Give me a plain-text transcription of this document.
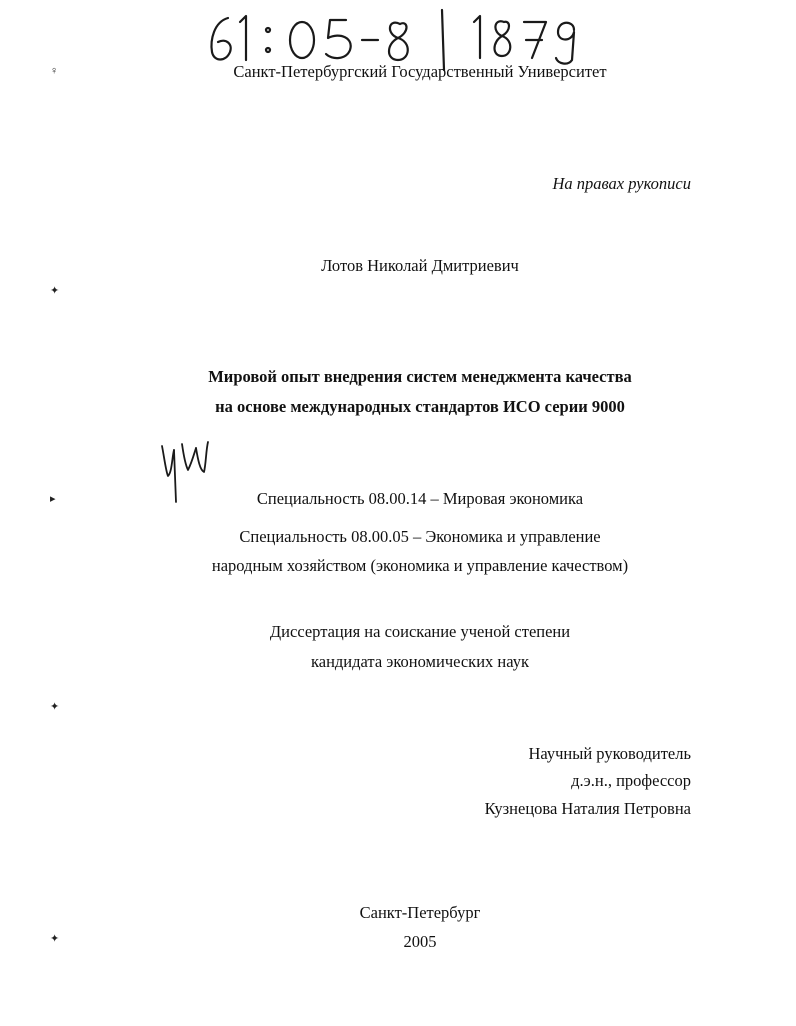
♀
✦
▸
✦
✦
Санкт-Петербургский Государственный Университет
На правах рукописи
Лотов Николай Дмитриевич
Мировой опыт внедрения систем менеджмента качества
на основе международных стандартов ИСО серии 9000
Специальность 08.00.14 – Мировая экономика
Специальность 08.00.05 – Экономика и управление
народным хозяйством (экономика и управление качеством)
Диссертация на соискание ученой степени
кандидата экономических наук
Научный руководитель
д.э.н., профессор
Кузнецова Наталия Петровна
Санкт-Петербург
2005
